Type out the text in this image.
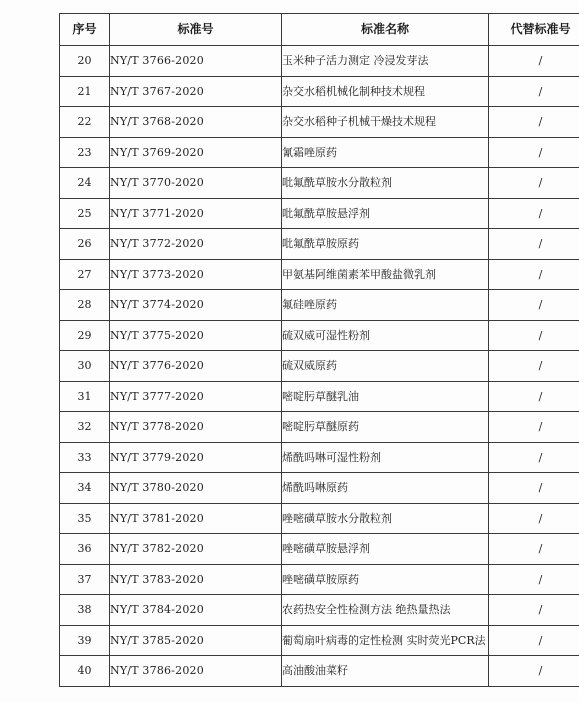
序号	标准号	标准名称	代替标准号
20	NY/T 3766-2020	玉米种子活力测定 冷浸发芽法	/
21	NY/T 3767-2020	杂交水稻机械化制种技术规程	/
22	NY/T 3768-2020	杂交水稻种子机械干燥技术规程	/
23	NY/T 3769-2020	氰霜唑原药	/
24	NY/T 3770-2020	吡氟酰草胺水分散粒剂	/
25	NY/T 3771-2020	吡氟酰草胺悬浮剂	/
26	NY/T 3772-2020	吡氟酰草胺原药	/
27	NY/T 3773-2020	甲氨基阿维菌素苯甲酸盐微乳剂	/
28	NY/T 3774-2020	氟硅唑原药	/
29	NY/T 3775-2020	硫双威可湿性粉剂	/
30	NY/T 3776-2020	硫双威原药	/
31	NY/T 3777-2020	嘧啶肟草醚乳油	/
32	NY/T 3778-2020	嘧啶肟草醚原药	/
33	NY/T 3779-2020	烯酰吗啉可湿性粉剂	/
34	NY/T 3780-2020	烯酰吗啉原药	/
35	NY/T 3781-2020	唑嘧磺草胺水分散粒剂	/
36	NY/T 3782-2020	唑嘧磺草胺悬浮剂	/
37	NY/T 3783-2020	唑嘧磺草胺原药	/
38	NY/T 3784-2020	农药热安全性检测方法 绝热量热法	/
39	NY/T 3785-2020	葡萄扇叶病毒的定性检测 实时荧光PCR法	/
40	NY/T 3786-2020	高油酸油菜籽	/
